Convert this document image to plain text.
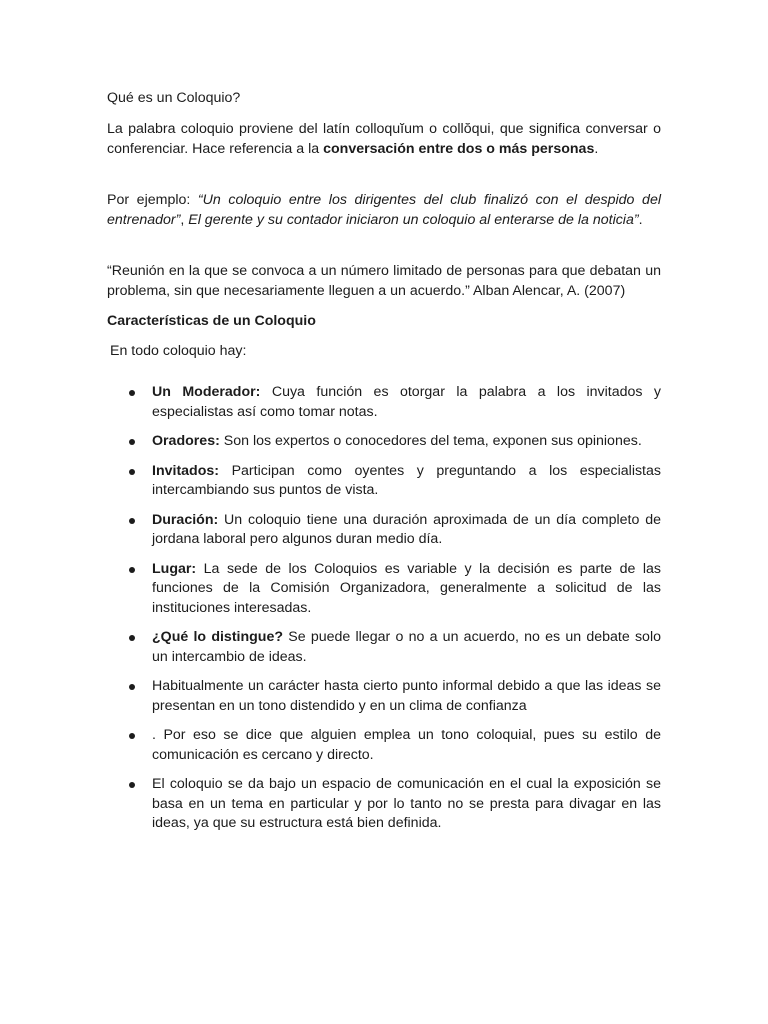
Qué es un Coloquio?

La palabra coloquio proviene del latín colloquĭum o collŏqui, que significa conversar o conferenciar. Hace referencia a la conversación entre dos o más personas.

Por ejemplo: “Un coloquio entre los dirigentes del club finalizó con el despido del entrenador”, El gerente y su contador iniciaron un coloquio al enterarse de la noticia”.

“Reunión en la que se convoca a un número limitado de personas para que debatan un problema, sin que necesariamente lleguen a un acuerdo.” Alban Alencar, A. (2007)

Características de un Coloquio

En todo coloquio hay:

Un Moderador: Cuya función es otorgar la palabra a los invitados y especialistas así como tomar notas.
Oradores: Son los expertos o conocedores del tema, exponen sus opiniones.
Invitados: Participan como oyentes y preguntando a los especialistas intercambiando sus puntos de vista.
Duración: Un coloquio tiene una duración aproximada de un día completo de jordana laboral pero algunos duran medio día.
Lugar: La sede de los Coloquios es variable y la decisión es parte de las funciones de la Comisión Organizadora, generalmente a solicitud de las instituciones interesadas.
¿Qué lo distingue? Se puede llegar o no a un acuerdo, no es un debate solo un intercambio de ideas.
Habitualmente un carácter hasta cierto punto informal debido a que las ideas se presentan en un tono distendido y en un clima de confianza
. Por eso se dice que alguien emplea un tono coloquial, pues su estilo de comunicación es cercano y directo.
El coloquio se da bajo un espacio de comunicación en el cual la exposición se basa en un tema en particular y por lo tanto no se presta para divagar en las ideas, ya que su estructura está bien definida.
